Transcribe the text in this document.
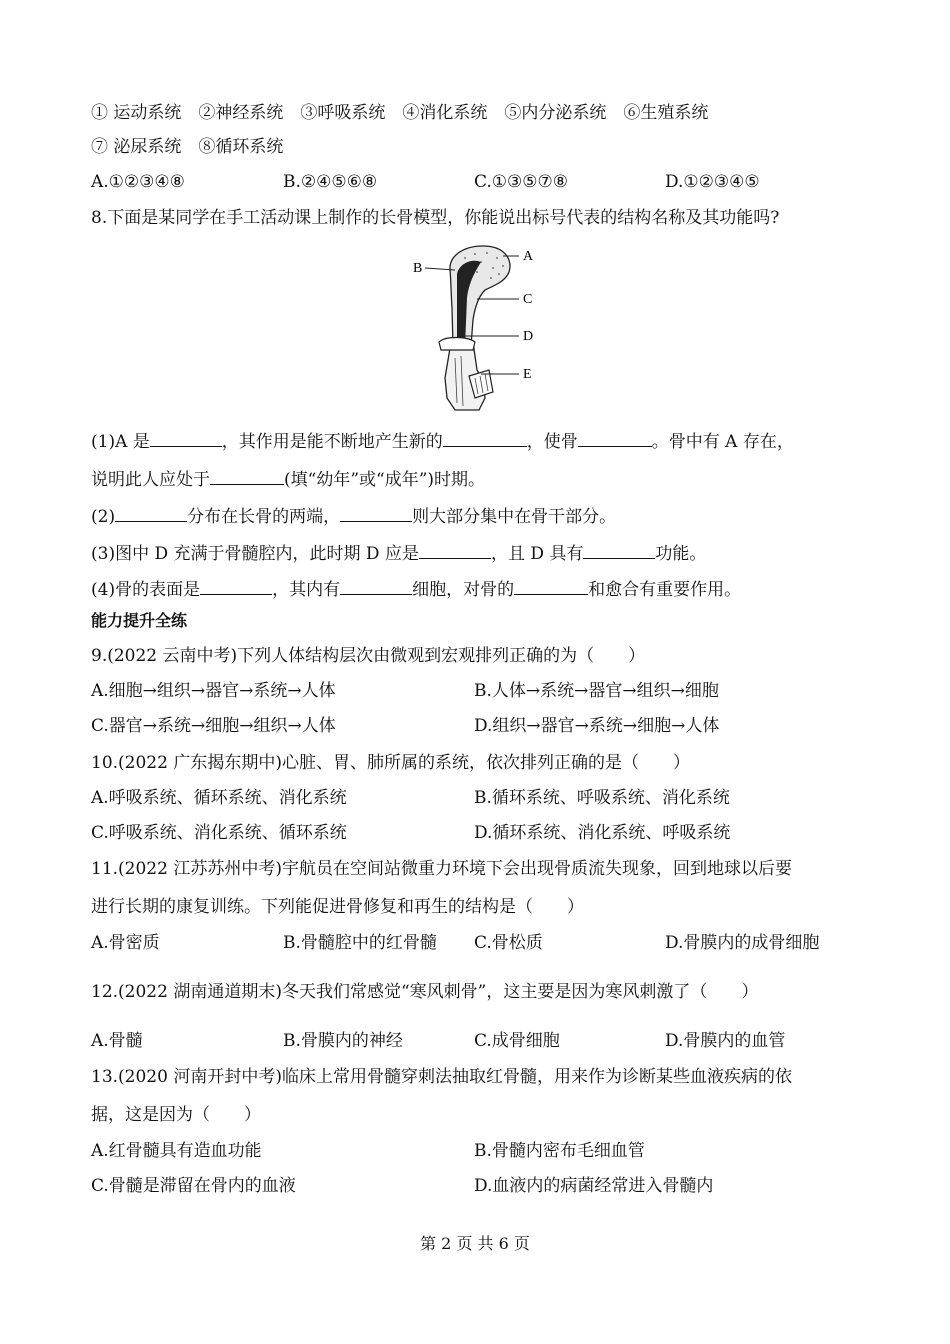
① 运动系统　②神经系统　③呼吸系统　④消化系统　⑤内分泌系统　⑥生殖系统
⑦ 泌尿系统　⑧循环系统
A.①②③④⑧	B.②④⑤⑥⑧	C.①③⑤⑦⑧	D.①②③④⑤
8.下面是某同学在手工活动课上制作的长骨模型，你能说出标号代表的结构名称及其功能吗?
A
B
C
D
E
(1)A 是	，其作用是能不断地产生新的	，使骨	。骨中有 A 存在，
说明此人应处于	(填“幼年”或“成年”)时期。
(2)	分布在长骨的两端，	则大部分集中在骨干部分。
(3)图中 D 充满于骨髓腔内，此时期 D 应是	，且 D 具有	功能。
(4)骨的表面是	，其内有	细胞，对骨的	和愈合有重要作用。
能力提升全练
9.(2022 云南中考)下列人体结构层次由微观到宏观排列正确的为（　　）
A.细胞→组织→器官→系统→人体	B.人体→系统→器官→组织→细胞
C.器官→系统→细胞→组织→人体	D.组织→器官→系统→细胞→人体
10.(2022 广东揭东期中)心脏、胃、肺所属的系统，依次排列正确的是（　　）
A.呼吸系统、循环系统、消化系统	B.循环系统、呼吸系统、消化系统
C.呼吸系统、消化系统、循环系统	D.循环系统、消化系统、呼吸系统
11.(2022 江苏苏州中考)宇航员在空间站微重力环境下会出现骨质流失现象，回到地球以后要
进行长期的康复训练。下列能促进骨修复和再生的结构是（　　）
A.骨密质	B.骨髓腔中的红骨髓 C.骨松质	D.骨膜内的成骨细胞
12.(2022 湖南通道期末)冬天我们常感觉“寒风刺骨”，这主要是因为寒风刺激了（　　）
A.骨髓	B.骨膜内的神经	C.成骨细胞	D.骨膜内的血管
13.(2020 河南开封中考)临床上常用骨髓穿刺法抽取红骨髓，用来作为诊断某些血液疾病的依
据，这是因为（　　）
A.红骨髓具有造血功能	B.骨髓内密布毛细血管
C.骨髓是滞留在骨内的血液	D.血液内的病菌经常进入骨髓内
第 2 页 共 6 页
